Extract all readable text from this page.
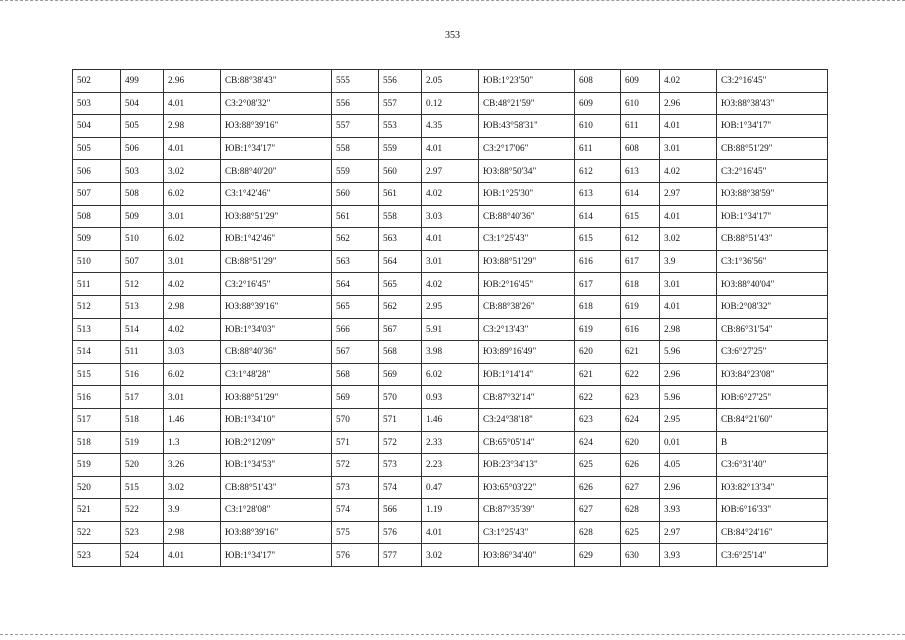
353
502	499	2.96	СВ:88°38'43"	555	556	2.05	ЮВ:1°23'50"	608	609	4.02	СЗ:2°16'45"
503	504	4.01	СЗ:2°08'32"	556	557	0.12	СВ:48°21'59"	609	610	2.96	ЮЗ:88°38'43"
504	505	2.98	ЮЗ:88°39'16"	557	553	4.35	ЮВ:43°58'31"	610	611	4.01	ЮВ:1°34'17"
505	506	4.01	ЮВ:1°34'17"	558	559	4.01	СЗ:2°17'06"	611	608	3.01	СВ:88°51'29"
506	503	3.02	СВ:88°40'20"	559	560	2.97	ЮЗ:88°50'34"	612	613	4.02	СЗ:2°16'45"
507	508	6.02	СЗ:1°42'46"	560	561	4.02	ЮВ:1°25'30"	613	614	2.97	ЮЗ:88°38'59"
508	509	3.01	ЮЗ:88°51'29"	561	558	3.03	СВ:88°40'36"	614	615	4.01	ЮВ:1°34'17"
509	510	6.02	ЮВ:1°42'46"	562	563	4.01	СЗ:1°25'43"	615	612	3.02	СВ:88°51'43"
510	507	3.01	СВ:88°51'29"	563	564	3.01	ЮЗ:88°51'29"	616	617	3.9	СЗ:1°36'56"
511	512	4.02	СЗ:2°16'45"	564	565	4.02	ЮВ:2°16'45"	617	618	3.01	ЮЗ:88°40'04"
512	513	2.98	ЮЗ:88°39'16"	565	562	2.95	СВ:88°38'26"	618	619	4.01	ЮВ:2°08'32"
513	514	4.02	ЮВ:1°34'03"	566	567	5.91	СЗ:2°13'43"	619	616	2.98	СВ:86°31'54"
514	511	3.03	СВ:88°40'36"	567	568	3.98	ЮЗ:89°16'49"	620	621	5.96	СЗ:6°27'25"
515	516	6.02	СЗ:1°48'28"	568	569	6.02	ЮВ:1°14'14"	621	622	2.96	ЮЗ:84°23'08"
516	517	3.01	ЮЗ:88°51'29"	569	570	0.93	СВ:87°32'14"	622	623	5.96	ЮВ:6°27'25"
517	518	1.46	ЮВ:1°34'10"	570	571	1.46	СЗ:24°38'18"	623	624	2.95	СВ:84°21'60"
518	519	1.3	ЮВ:2°12'09"	571	572	2.33	СВ:65°05'14"	624	620	0.01	В
519	520	3.26	ЮВ:1°34'53"	572	573	2.23	ЮВ:23°34'13"	625	626	4.05	СЗ:6°31'40"
520	515	3.02	СВ:88°51'43"	573	574	0.47	ЮЗ:65°03'22"	626	627	2.96	ЮЗ:82°13'34"
521	522	3.9	СЗ:1°28'08"	574	566	1.19	СВ:87°35'39"	627	628	3.93	ЮВ:6°16'33"
522	523	2.98	ЮЗ:88°39'16"	575	576	4.01	СЗ:1°25'43"	628	625	2.97	СВ:84°24'16"
523	524	4.01	ЮВ:1°34'17"	576	577	3.02	ЮЗ:86°34'40"	629	630	3.93	СЗ:6°25'14"
